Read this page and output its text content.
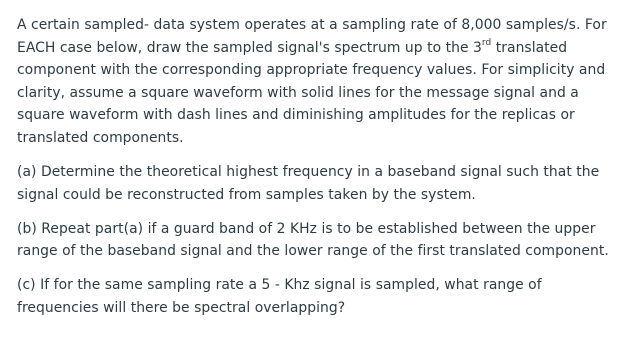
A certain sampled- data system operates at a sampling rate of 8,000 samples/s. For EACH case below, draw the sampled signal's spectrum up to the 3rd translated component with the corresponding appropriate frequency values. For simplicity and clarity, assume a square waveform with solid lines for the message signal and a square waveform with dash lines and diminishing amplitudes for the replicas or translated components.

(a) Determine the theoretical highest frequency in a baseband signal such that the signal could be reconstructed from samples taken by the system.

(b) Repeat part(a) if a guard band of 2 KHz is to be established between the upper range of the baseband signal and the lower range of the first translated component.

(c) If for the same sampling rate a 5 - Khz signal is sampled, what range of frequencies will there be spectral overlapping?
